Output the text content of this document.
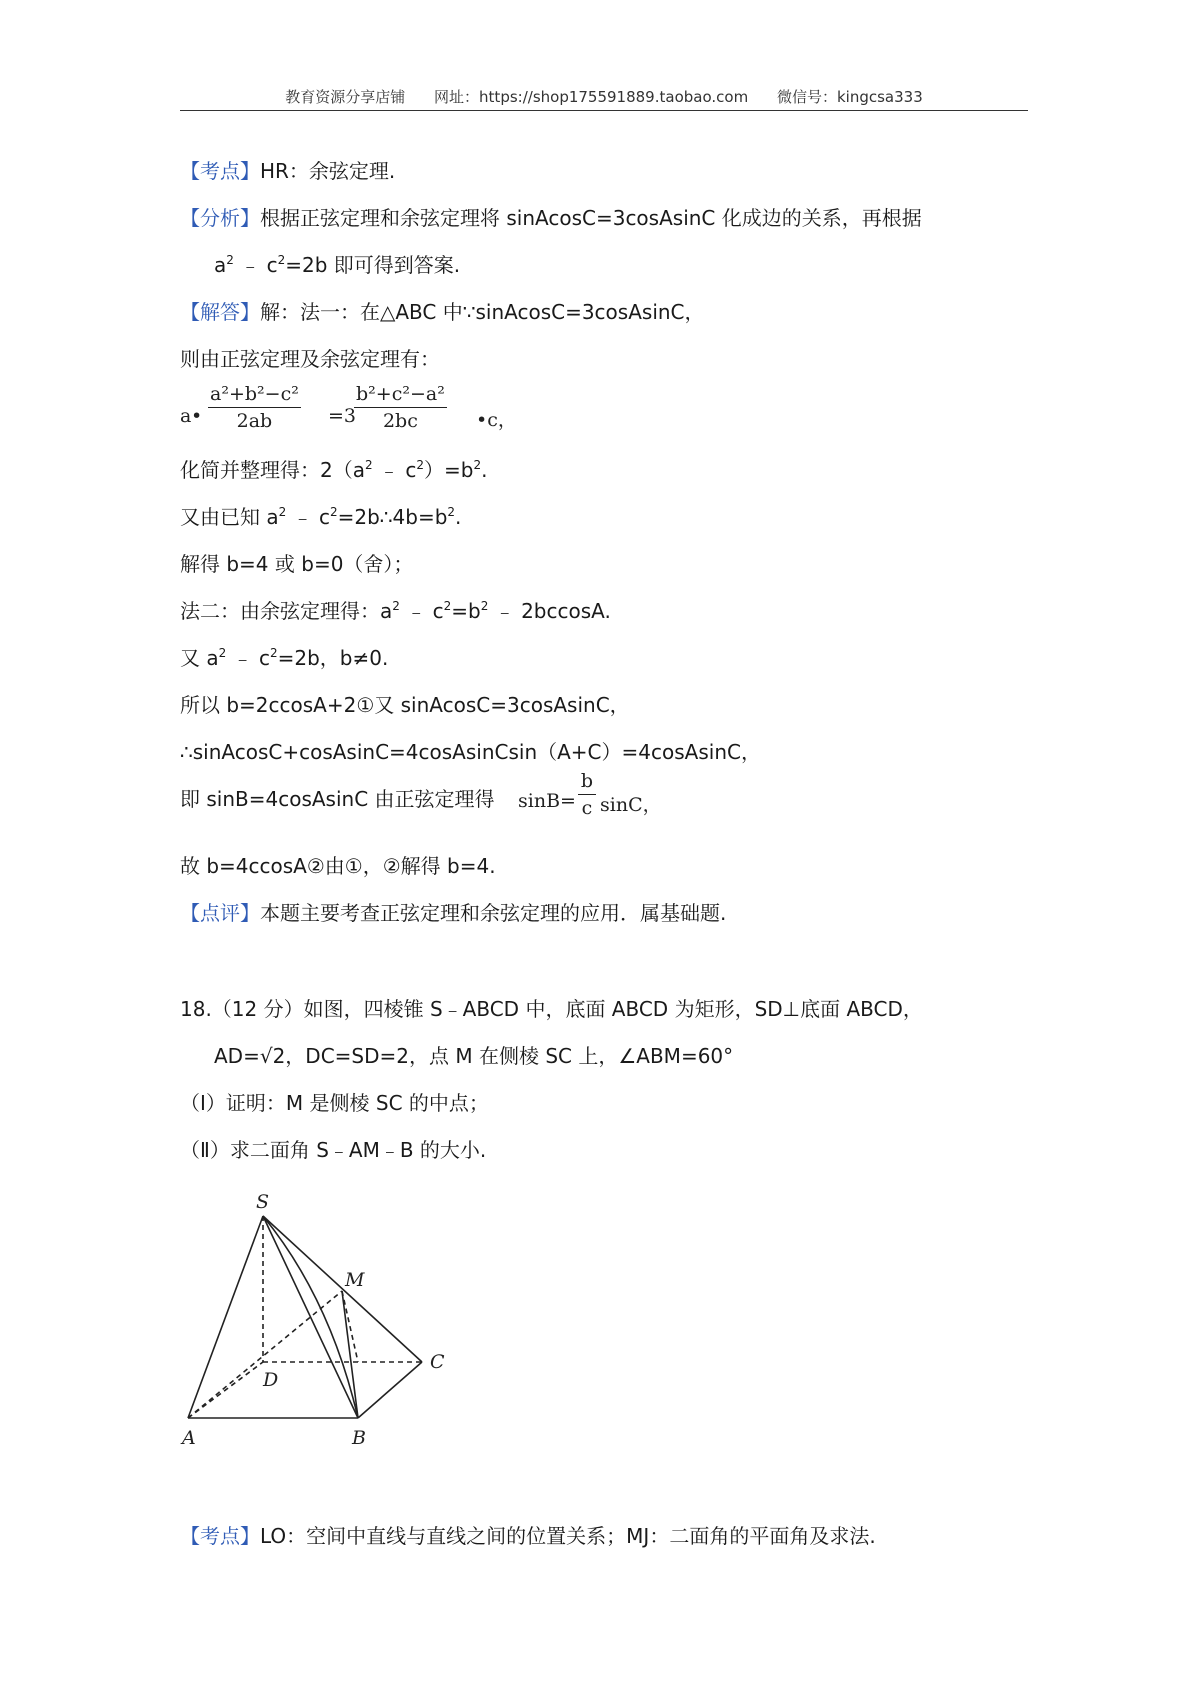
教育资源分享店铺 网址：https://shop175591889.taobao.com 微信号：kingcsa333
【考点】HR：余弦定理.
【分析】根据正弦定理和余弦定理将 sinAcosC=3cosAsinC 化成边的关系，再根据
$a^2$ ﹣ $c^2=2b$ 即可得到答案.
【解答】解：法一：在△ABC 中∵sinAcosC=3cosAsinC，
则由正弦定理及余弦定理有：
a •
a²+b²−c²
2ab	=3
b²+c²−a²
2bc	•c，
化简并整理得：$2(a^2$ ﹣ $c^2)=b^2$.
又由已知 $a^2$ ﹣ $c^2=2b\therefore 4b=b^2$.
解得 b=4 或 b=0（舍）；
法二：由余弦定理得：$a^2$ ﹣ $c^2=b^2$ ﹣ 2bccosA.
又 $a^2$ ﹣ $c^2=2b$，b≠0.
所以 b=2ccosA+2①又 sinAcosC=3cosAsinC，
∴sinAcosC+cosAsinC=4cosAsinCsin（A+C）=4cosAsinC，
即 sinB=4cosAsinC 由正弦定理得 sinB=
b
c sinC，
故 b=4ccosA②由①，②解得 b=4.
【点评】本题主要考查正弦定理和余弦定理的应用．属基础题.
18.（12 分）如图，四棱锥 S﹣ABCD 中，底面 ABCD 为矩形，SD⊥底面 ABCD，
AD=√2，DC=SD=2，点 M 在侧棱 SC 上，∠ABM=60°
（I）证明：M 是侧棱 SC 的中点；
（Ⅱ）求二面角 S﹣AM﹣B 的大小.
S
M
C
D
A	B
【考点】LO：空间中直线与直线之间的位置关系；MJ：二面角的平面角及求法.
